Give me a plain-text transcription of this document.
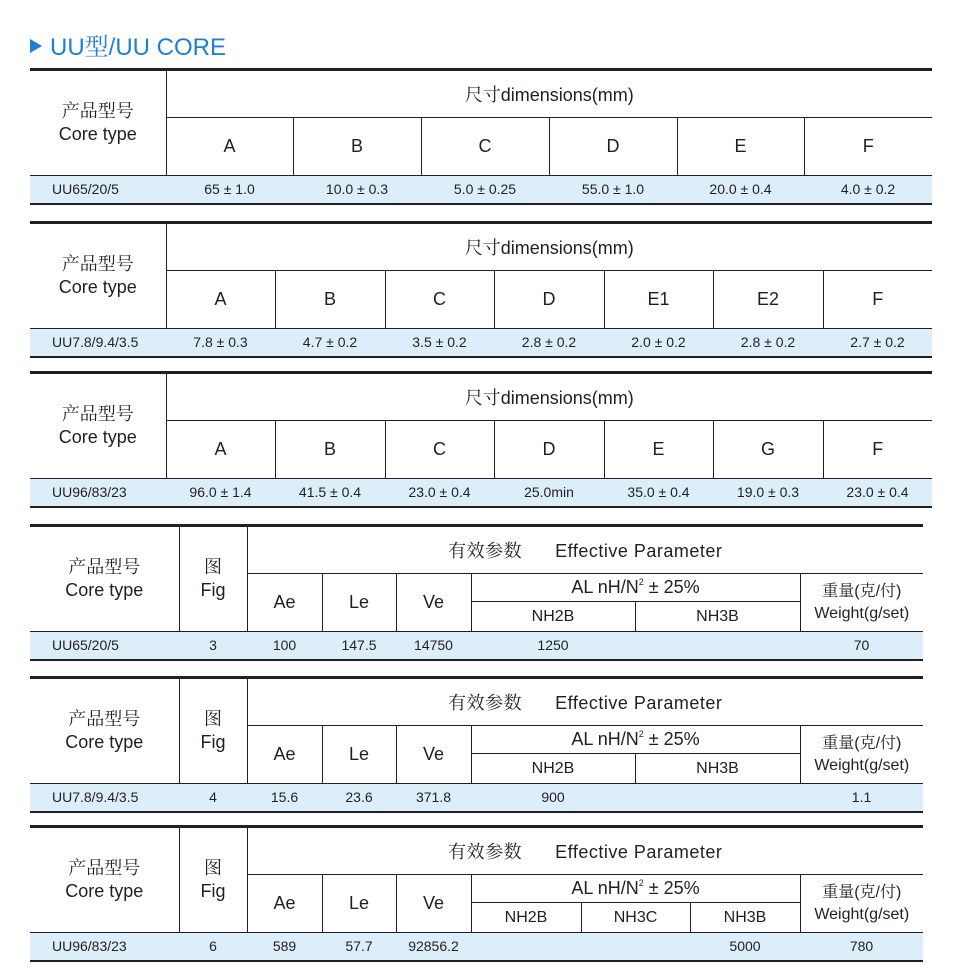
UU型/UU CORE
产品型号
Core type	尺寸dimensions(mm)					
	A	B	C	D	E	F
UU65/20/5	65 ± 1.0	10.0 ± 0.3	5.0 ± 0.25	55.0 ± 1.0	20.0 ± 0.4	4.0 ± 0.2
产品型号
Core type	尺寸dimensions(mm)						
	A	B	C	D	E1	E2	F
UU7.8/9.4/3.5	7.8 ± 0.3	4.7 ± 0.2	3.5 ± 0.2	2.8 ± 0.2	2.0 ± 0.2	2.8 ± 0.2	2.7 ± 0.2
产品型号
Core type	尺寸dimensions(mm)						
	A	B	C	D	E	G	F
UU96/83/23	96.0 ± 1.4	41.5 ± 0.4	23.0 ± 0.4	25.0min	35.0 ± 0.4	19.0 ± 0.3	23.0 ± 0.4
产品型号
Core type	图
Fig	有效参数 Effective Parameter					
		Ae	Le	Ve	AL $nH/N^2 \pm 25\%$		重量(克/付)
Weight(g/set)
					NH2B	NH3B	
UU65/20/5	3	100	147.5	14750	1250		70
产品型号
Core type	图
Fig	有效参数 Effective Parameter					
		Ae	Le	Ve	AL $nH/N^2 \pm 25\%$		重量(克/付)
Weight(g/set)
					NH2B	NH3B	
UU7.8/9.4/3.5	4	15.6	23.6	371.8	900		1.1
产品型号
Core type	图
Fig	有效参数 Effective Parameter						
		Ae	Le	Ve	AL $nH/N^2 \pm 25\%$			重量(克/付)
Weight(g/set)
					NH2B	NH3C	NH3B	
UU96/83/23	6	589	57.7	92856.2			5000	780
